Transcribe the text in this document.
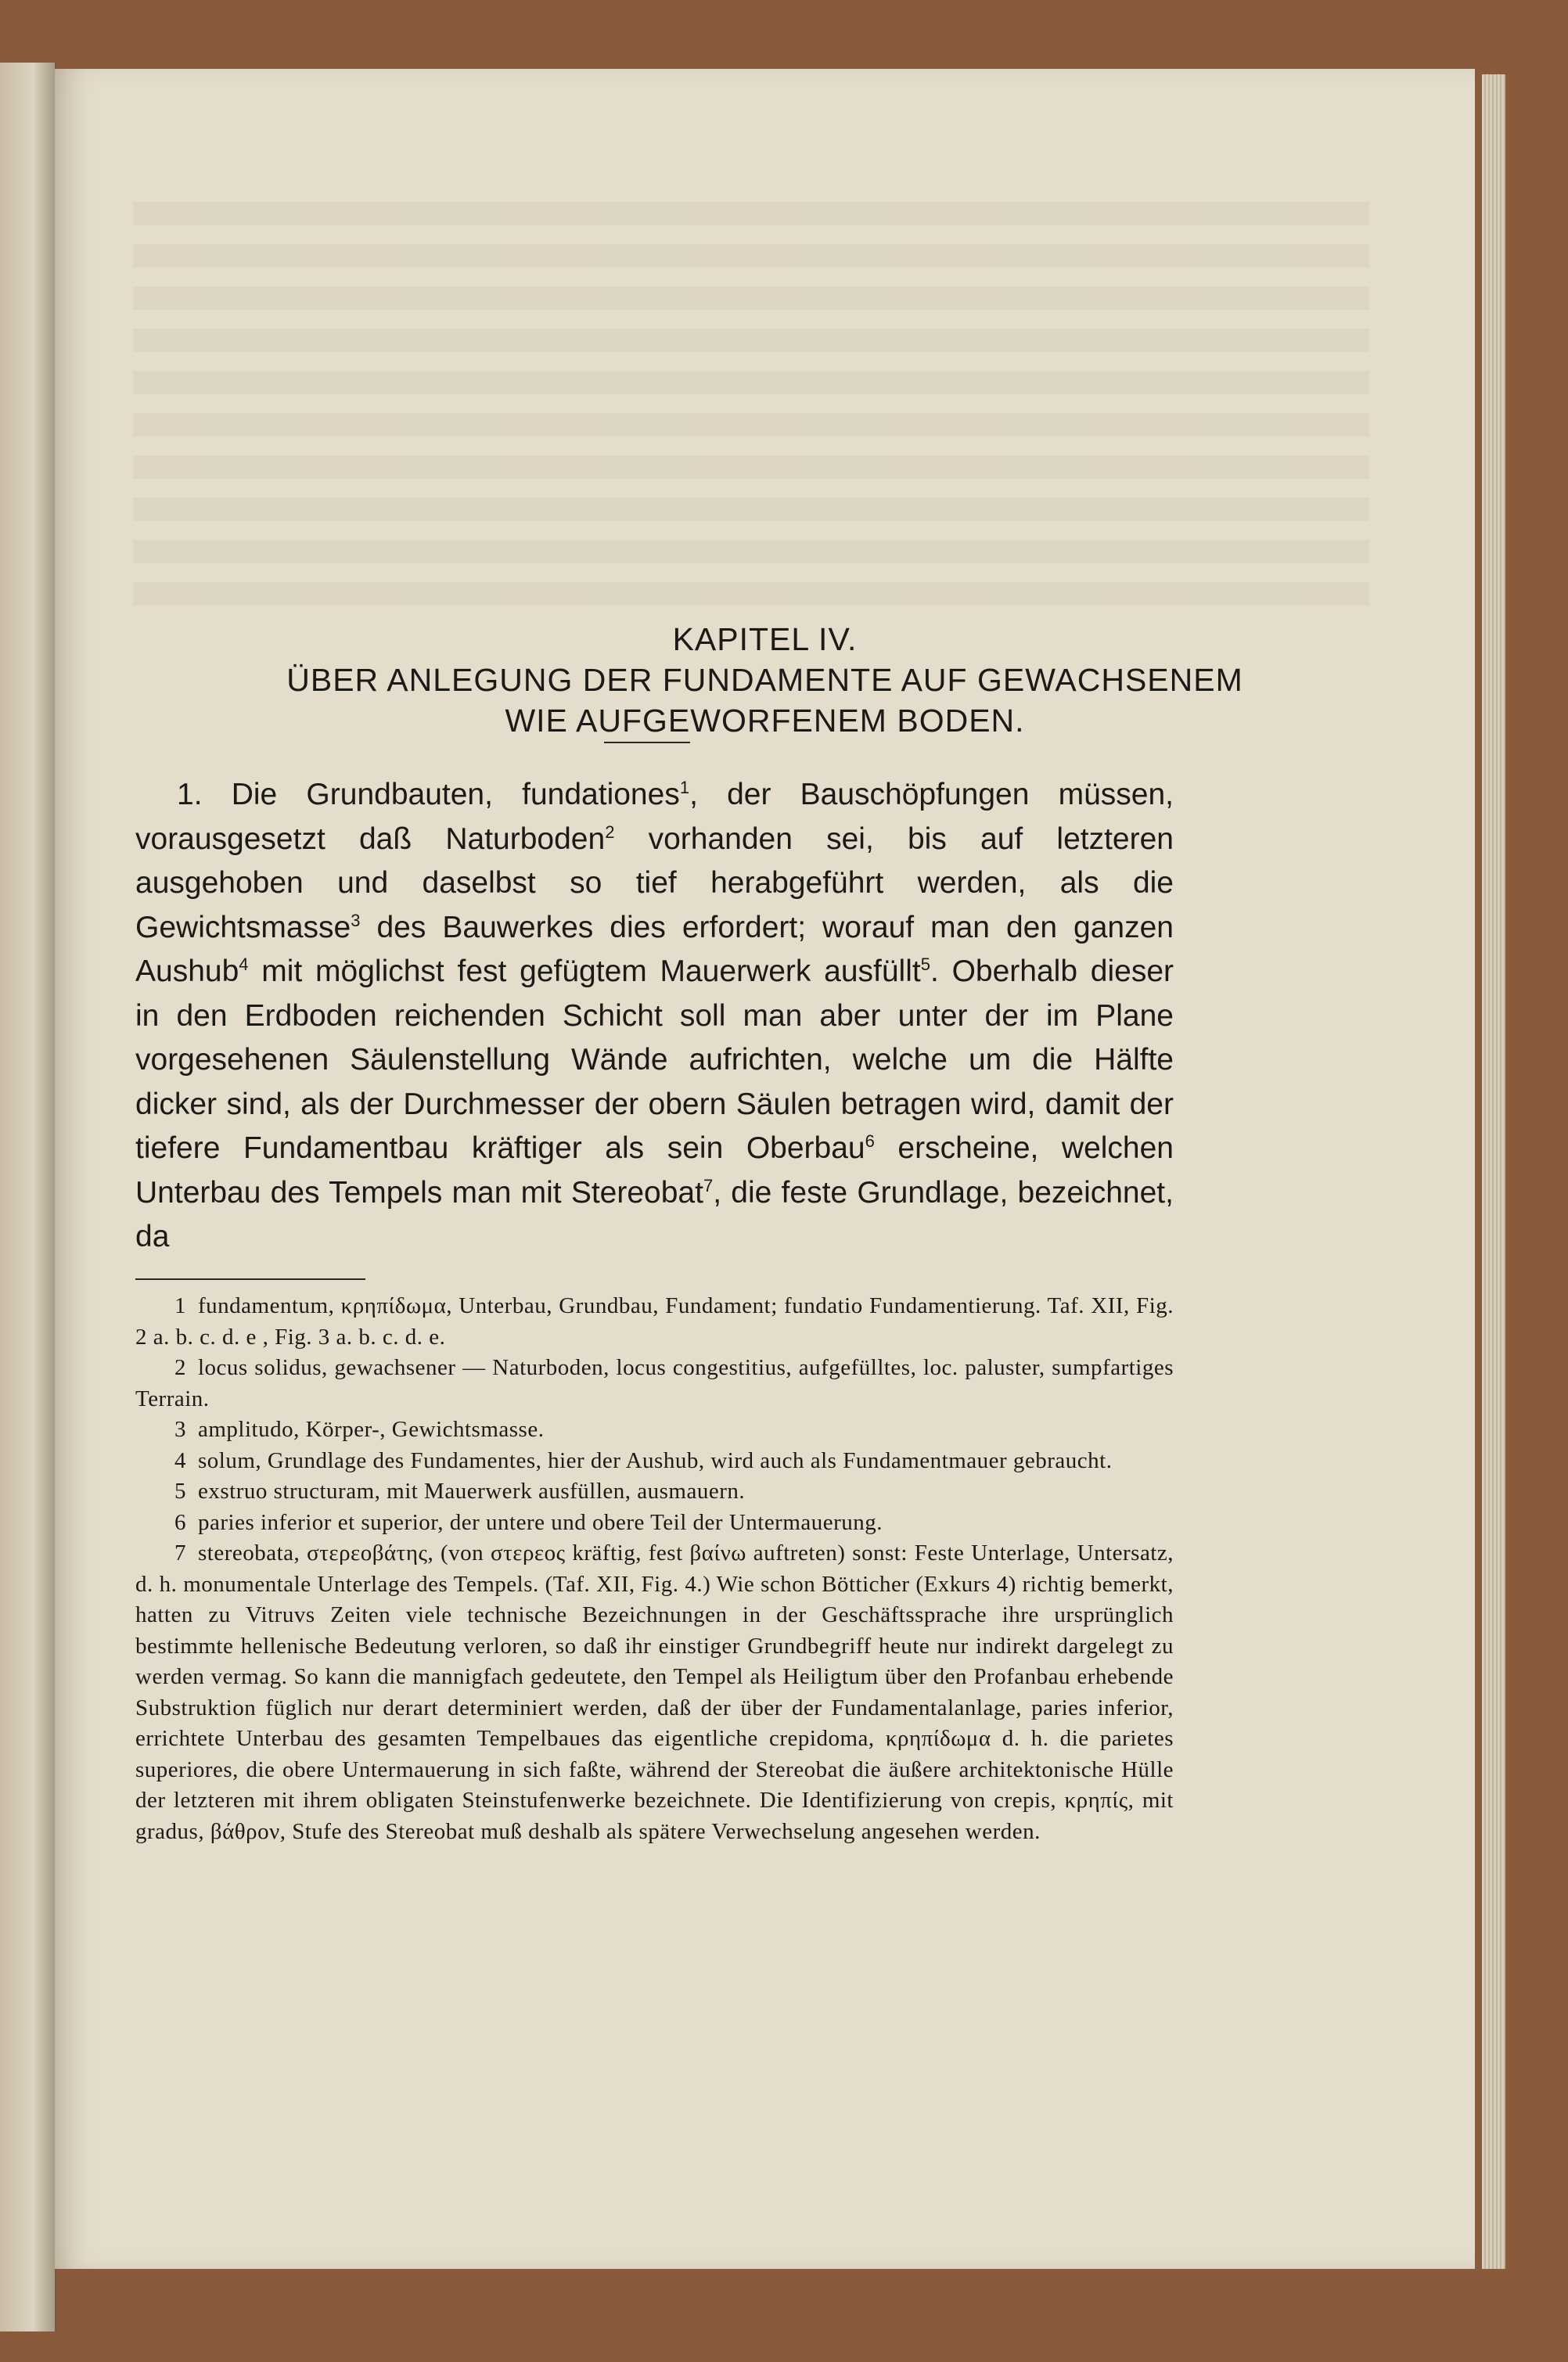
KAPITEL IV.
ÜBER ANLEGUNG DER FUNDAMENTE AUF GEWACHSENEM
WIE AUFGEWORFENEM BODEN.
1. Die Grundbauten, fundationes$^1$, der Bauschöpfungen müssen, vorausgesetzt daß Naturboden$^2$ vorhanden sei, bis auf letzteren ausgehoben und daselbst so tief herabgeführt werden, als die Gewichtsmasse$^3$ des Bauwerkes dies erfordert; worauf man den ganzen Aushub$^4$ mit möglichst fest gefügtem Mauerwerk ausfüllt$^5$. Oberhalb dieser in den Erdboden reichenden Schicht soll man aber unter der im Plane vorgesehenen Säulenstellung Wände aufrichten, welche um die Hälfte dicker sind, als der Durchmesser der obern Säulen betragen wird, damit der tiefere Fundamentbau kräftiger als sein Oberbau$^6$ erscheine, welchen Unterbau des Tempels man mit Stereobat$^7$, die feste Grundlage, bezeichnet, da

1 fundamentum, κρηπίδωμα, Unterbau, Grundbau, Fundament; fundatio Fundamentierung. Taf. XII, Fig. 2 a. b. c. d. e , Fig. 3 a. b. c. d. e.

2 locus solidus, gewachsener — Naturboden, locus congestitius, aufgefülltes, loc. paluster, sumpfartiges Terrain.

3 amplitudo, Körper-, Gewichtsmasse.

4 solum, Grundlage des Fundamentes, hier der Aushub, wird auch als Fundamentmauer gebraucht.

5 exstruo structuram, mit Mauerwerk ausfüllen, ausmauern.

6 paries inferior et superior, der untere und obere Teil der Untermauerung.

7 stereobata, στερεοβάτης, (von στερεος kräftig, fest βαίνω auftreten) sonst: Feste Unterlage, Untersatz, d. h. monumentale Unterlage des Tempels. (Taf. XII, Fig. 4.) Wie schon Bötticher (Exkurs 4) richtig bemerkt, hatten zu Vitruvs Zeiten viele technische Bezeichnungen in der Geschäftssprache ihre ursprünglich bestimmte hellenische Bedeutung verloren, so daß ihr einstiger Grundbegriff heute nur indirekt dargelegt zu werden vermag. So kann die mannigfach gedeutete, den Tempel als Heiligtum über den Profanbau erhebende Substruktion füglich nur derart determiniert werden, daß der über der Fundamentalanlage, paries inferior, errichtete Unterbau des gesamten Tempelbaues das eigentliche crepidoma, κρηπίδωμα d. h. die parietes superiores, die obere Untermauerung in sich faßte, während der Stereobat die äußere architektonische Hülle der letzteren mit ihrem obligaten Steinstufenwerke bezeichnete. Die Identifizierung von crepis, κρηπίς, mit gradus, βάθρον, Stufe des Stereobat muß deshalb als spätere Verwechselung angesehen werden.
